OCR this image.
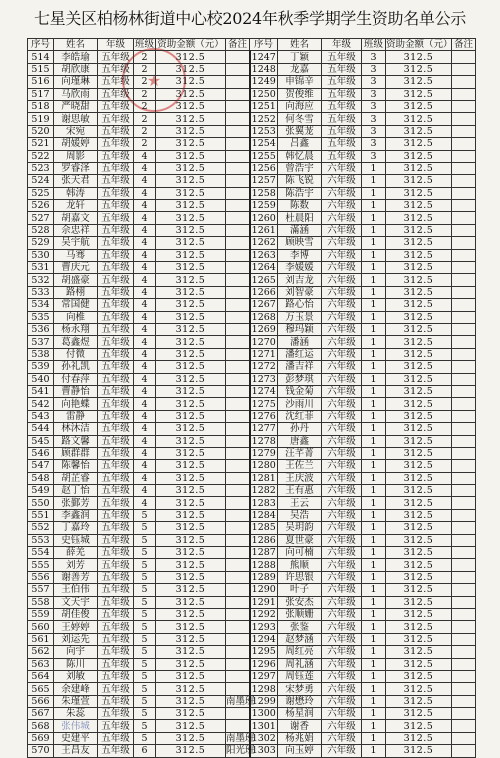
七星关区柏杨林街道中心校2024年秋季学期学生资助名单公示
★
序号	姓名	年级	班级	资助金额（元）	备注	序号	姓名	年级	班级	资助金额（元）	备注
514	李皓瑜	五年级	2	312.5		1247	丁颖	五年级	3	312.5	
515	胡欣康	五年级	2	312.5		1248	龙嘉	五年级	3	312.5	
516	向瑾琳	五年级	2	312.5		1249	申锦辛	五年级	3	312.5	
517	马欣雨	五年级	2	312.5		1250	贺俊维	五年级	3	312.5	
518	严晓甜	五年级	2	312.5		1251	向海应	五年级	3	312.5	
519	谢思敏	五年级	2	312.5		1252	何冬雪	五年级	3	312.5	
520	宋宛	五年级	2	312.5		1253	张翼茏	五年级	3	312.5	
521	胡媛婷	五年级	2	312.5		1254	吕鑫	五年级	3	312.5	
522	周影	五年级	4	312.5		1255	韩忆晨	五年级	3	312.5	
523	罗睿泽	五年级	4	312.5		1256	曾浩宇	六年级	1	312.5	
524	张天君	五年级	4	312.5		1257	陈飞锐	六年级	1	312.5	
525	韩涛	五年级	4	312.5		1258	陈浩宇	六年级	1	312.5	
526	龙轩	五年级	4	312.5		1259	陈数	六年级	1	312.5	
527	胡嘉文	五年级	4	312.5		1260	杜晨阳	六年级	1	312.5	
528	佘忠祥	五年级	4	312.5		1261	滿涵	六年级	1	312.5	
529	吴宇航	五年级	4	312.5		1262	顾映雪	六年级	1	312.5	
530	马骞	五年级	4	312.5		1263	李博	六年级	1	312.5	
531	曹庆元	五年级	4	312.5		1264	李媛媛	六年级	1	312.5	
532	胡盛豪	五年级	4	312.5		1265	刘吉龙	六年级	1	312.5	
533	路栩	五年级	4	312.5		1266	刘智豪	六年级	1	312.5	
534	常国健	五年级	4	312.5		1267	路心怡	六年级	1	312.5	
535	向椎	五年级	4	312.5		1268	万玉景	六年级	1	312.5	
536	杨永翔	五年级	4	312.5		1269	穆玛颖	六年级	1	312.5	
537	葛鑫煜	五年级	4	312.5		1270	潘涵	六年级	1	312.5	
538	付微	五年级	4	312.5		1271	潘红运	六年级	1	312.5	
539	孙礼凯	五年级	4	312.5		1272	潘吉祥	六年级	1	312.5	
540	付春萍	五年级	4	312.5		1273	彭梦琪	六年级	1	312.5	
541	曹静怡	五年级	4	312.5		1274	钱金菊	六年级	1	312.5	
542	向艳蝶	五年级	4	312.5		1275	沙雨川	六年级	1	312.5	
543	雷静	五年级	4	312.5		1276	沈红菲	六年级	1	312.5	
544	林沐洁	五年级	4	312.5		1277	孙丹	六年级	1	312.5	
545	路文馨	五年级	4	312.5		1278	唐鑫	六年级	1	312.5	
546	顾群群	五年级	4	312.5		1279	汪芊菁	六年级	1	312.5	
547	陈馨怡	五年级	4	312.5		1280	王佐兰	六年级	1	312.5	
548	胡芷睿	五年级	4	312.5		1281	王庆波	六年级	1	312.5	
549	赵丁怡	五年级	4	312.5		1282	王有惠	六年级	1	312.5	
550	张鄞芳	五年级	4	312.5		1283	王云	六年级	1	312.5	
551	李鑫润	五年级	5	312.5		1284	吴浩	六年级	1	312.5	
552	丁嘉玲	五年级	5	312.5		1285	吴玥韵	六年级	1	312.5	
553	史钰城	五年级	5	312.5		1286	夏世豪	六年级	1	312.5	
554	薛羌	五年级	5	312.5		1287	向可楠	六年级	1	312.5	
555	刘芳	五年级	5	312.5		1288	熊顺	六年级	1	312.5	
556	谢善芳	五年级	5	312.5		1289	许思银	六年级	1	312.5	
557	王伯伟	五年级	5	312.5		1290	叶子	六年级	1	312.5	
558	文天宇	五年级	5	312.5		1291	张安杰	六年级	1	312.5	
559	胡佳俊	五年级	5	312.5		1292	张顺姗	六年级	1	312.5	
560	王婷婷	五年级	5	312.5		1293	张鉴	六年级	1	312.5	
561	刘运先	五年级	5	312.5		1294	赵梦涵	六年级	1	312.5	
562	向宇	五年级	5	312.5		1295	周红亮	六年级	1	312.5	
563	陈川	五年级	5	312.5		1296	周礼涵	六年级	1	312.5	
564	刘敏	五年级	5	312.5		1297	周钰莲	六年级	1	312.5	
565	余建峰	五年级	5	312.5		1298	宋梦勇	六年级	1	312.5	
566	朱瑾萱	五年级	5	312.5	南墨班	1299	谢懋玲	六年级	1	312.5	
567	朱蕊	五年级	5	312.5		1300	杨星润	六年级	1	312.5	
568	张伟城	五年级	5	312.5		1301	谢香	六年级	1	312.5	
569	史建平	五年级	5	312.5	南墨班	1302	杨兆娟	六年级	1	312.5	
570	王昌友	五年级	6	312.5	阳光班	1303	向玉婷	六年级	1	312.5	
